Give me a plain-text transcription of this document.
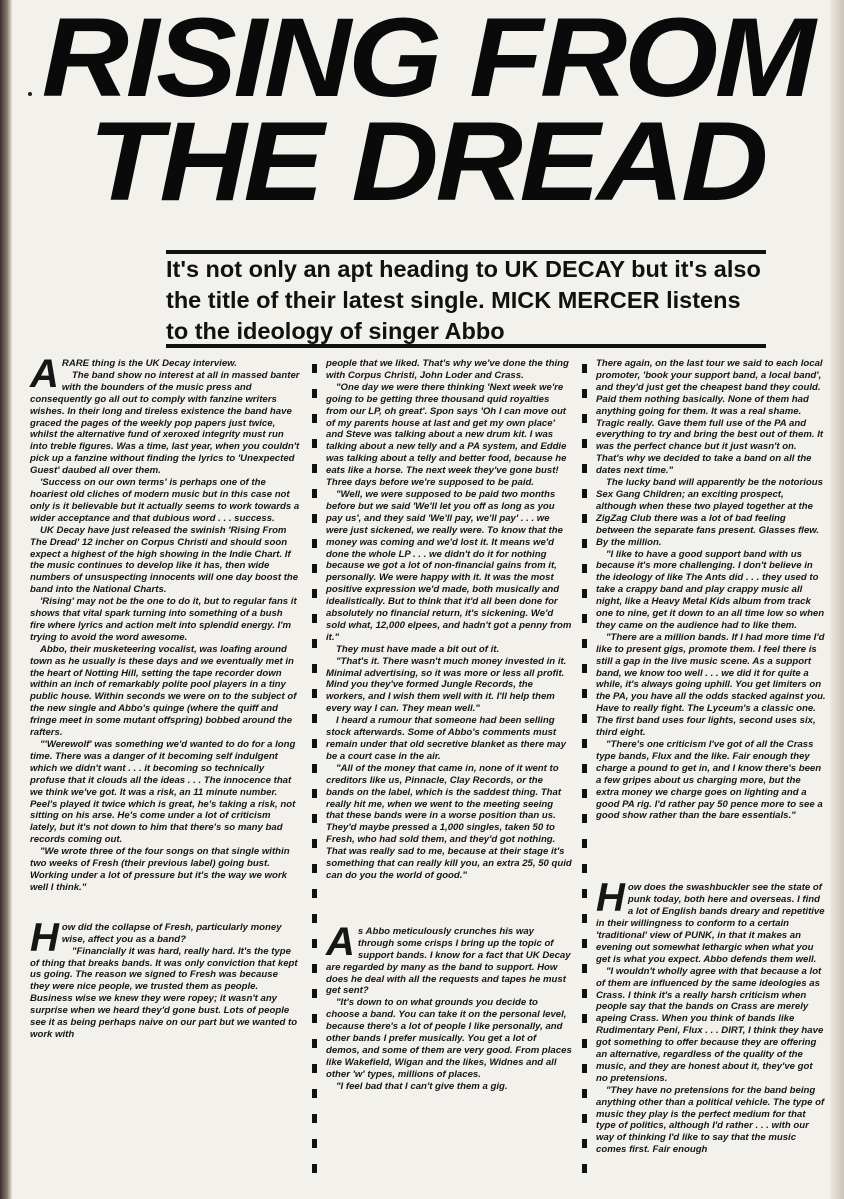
RISING FROM
THE DREAD

It's not only an apt heading to UK DECAY but it's also the title of their latest single. MICK MERCER listens to the ideology of singer Abbo

ARARE thing is the UK Decay interview.

The band show no interest at all in massed banter with the bounders of the music press and consequently go all out to comply with fanzine writers wishes. In their long and tireless existence the band have graced the pages of the weekly pop papers just twice, whilst the alternative fund of xeroxed integrity must run into treble figures. Was a time, last year, when you couldn't pick up a fanzine without finding the lyrics to 'Unexpected Guest' daubed all over them.

'Success on our own terms' is perhaps one of the hoariest old cliches of modern music but in this case not only is it believable but it actually seems to work towards a wider acceptance and that dubious word . . . success.

UK Decay have just released the swinish 'Rising From The Dread' 12 incher on Corpus Christi and should soon expect a highest of the high showing in the Indie Chart. If the music continues to develop like it has, then wide numbers of unsuspecting innocents will one day boost the band into the National Charts.

'Rising' may not be the one to do it, but to regular fans it shows that vital spark turning into something of a bush fire where lyrics and action melt into splendid energy. I'm trying to avoid the word awesome.

Abbo, their musketeering vocalist, was loafing around town as he usually is these days and we eventually met in the heart of Notting Hill, setting the tape recorder down within an inch of remarkably polite pool players in a tiny public house. Within seconds we were on to the subject of the new single and Abbo's quinge (where the quiff and fringe meet in some mutant offspring) bobbed around the rafters.

"'Werewolf' was something we'd wanted to do for a long time. There was a danger of it becoming self indulgent which we didn't want . . . it becoming so technically profuse that it clouds all the ideas . . . The innocence that we think we've got. It was a risk, an 11 minute number. Peel's played it twice which is great, he's taking a risk, not sitting on his arse. He's come under a lot of criticism lately, but it's not down to him that there's so many bad records coming out.

"We wrote three of the four songs on that single within two weeks of Fresh (their previous label) going bust. Working under a lot of pressure but it's the way we work well I think."

How did the collapse of Fresh, particularly money wise, affect you as a band?

"Financially it was hard, really hard. It's the type of thing that breaks bands. It was only conviction that kept us going. The reason we signed to Fresh was because they were nice people, we trusted them as people. Business wise we knew they were ropey; it wasn't any surprise when we heard they'd gone bust. Lots of people see it as being perhaps naive on our part but we wanted to work with

people that we liked. That's why we've done the thing with Corpus Christi, John Loder and Crass.

"One day we were there thinking 'Next week we're going to be getting three thousand quid royalties from our LP, oh great'. Spon says 'Oh I can move out of my parents house at last and get my own place' and Steve was talking about a new drum kit. I was talking about a new telly and a PA system, and Eddie was talking about a telly and better food, because he eats like a horse. The next week they've gone bust! Three days before we're supposed to be paid.

"Well, we were supposed to be paid two months before but we said 'We'll let you off as long as you pay us', and they said 'We'll pay, we'll pay' . . . we were just sickened, we really were. To know that the money was coming and we'd lost it. It means we'd done the whole LP . . . we didn't do it for nothing because we got a lot of non-financial gains from it, personally. We were happy with it. It was the most positive expression we'd made, both musically and idealistically. But to think that it'd all been done for absolutely no financial return, it's sickening. We'd sold what, 12,000 elpees, and hadn't got a penny from it."

They must have made a bit out of it.

"That's it. There wasn't much money invested in it. Minimal advertising, so it was more or less all profit. Mind you they've formed Jungle Records, the workers, and I wish them well with it. I'll help them every way I can. They mean well."

I heard a rumour that someone had been selling stock afterwards. Some of Abbo's comments must remain under that old secretive blanket as there may be a court case in the air.

"All of the money that came in, none of it went to creditors like us, Pinnacle, Clay Records, or the bands on the label, which is the saddest thing. That really hit me, when we went to the meeting seeing that these bands were in a worse position than us. They'd maybe pressed a 1,000 singles, taken 50 to Fresh, who had sold them, and they'd got nothing. That was really sad to me, because at their stage it's something that can really kill you, an extra 25, 50 quid can do you the world of good."

As Abbo meticulously crunches his way through some crisps I bring up the topic of support bands. I know for a fact that UK Decay are regarded by many as the band to support. How does he deal with all the requests and tapes he must get sent?

"It's down to on what grounds you decide to choose a band. You can take it on the personal level, because there's a lot of people I like personally, and other bands I prefer musically. You get a lot of demos, and some of them are very good. From places like Wakefield, Wigan and the likes, Widnes and all other 'w' types, millions of places.

"I feel bad that I can't give them a gig.

There again, on the last tour we said to each local promoter, 'book your support band, a local band', and they'd just get the cheapest band they could. Paid them nothing basically. None of them had anything going for them. It was a real shame. Tragic really. Gave them full use of the PA and everything to try and bring the best out of them. It was the perfect chance but it just wasn't on. That's why we decided to take a band on all the dates next time."

The lucky band will apparently be the notorious Sex Gang Children; an exciting prospect, although when these two played together at the ZigZag Club there was a lot of bad feeling between the separate fans present. Glasses flew. By the million.

"I like to have a good support band with us because it's more challenging. I don't believe in the ideology of like The Ants did . . . they used to take a crappy band and play crappy music all night, like a Heavy Metal Kids album from track one to nine, get it down to an all time low so when they came on the audience had to like them.

"There are a million bands. If I had more time I'd like to present gigs, promote them. I feel there is still a gap in the live music scene. As a support band, we know too well . . . we did it for quite a while, it's always going uphill. You get limiters on the PA, you have all the odds stacked against you. Have to really fight. The Lyceum's a classic one. The first band uses four lights, second uses six, third eight.

"There's one criticism I've got of all the Crass type bands, Flux and the like. Fair enough they charge a pound to get in, and I know there's been a few gripes about us charging more, but the extra money we charge goes on lighting and a good PA rig. I'd rather pay 50 pence more to see a good show rather than the bare essentials."

How does the swashbuckler see the state of punk today, both here and overseas. I find a lot of English bands dreary and repetitive in their willingness to conform to a certain 'traditional' view of PUNK, in that it makes an evening out somewhat lethargic when what you get is what you expect. Abbo defends them well.

"I wouldn't wholly agree with that because a lot of them are influenced by the same ideologies as Crass. I think it's a really harsh criticism when people say that the bands on Crass are merely apeing Crass. When you think of bands like Rudimentary Peni, Flux . . . DIRT, I think they have got something to offer because they are offering an alternative, regardless of the quality of the music, and they are honest about it, they've got no pretensions.

"They have no pretensions for the band being anything other than a political vehicle. The type of music they play is the perfect medium for that type of politics, although I'd rather . . . with our way of thinking I'd like to say that the music comes first. Fair enough
